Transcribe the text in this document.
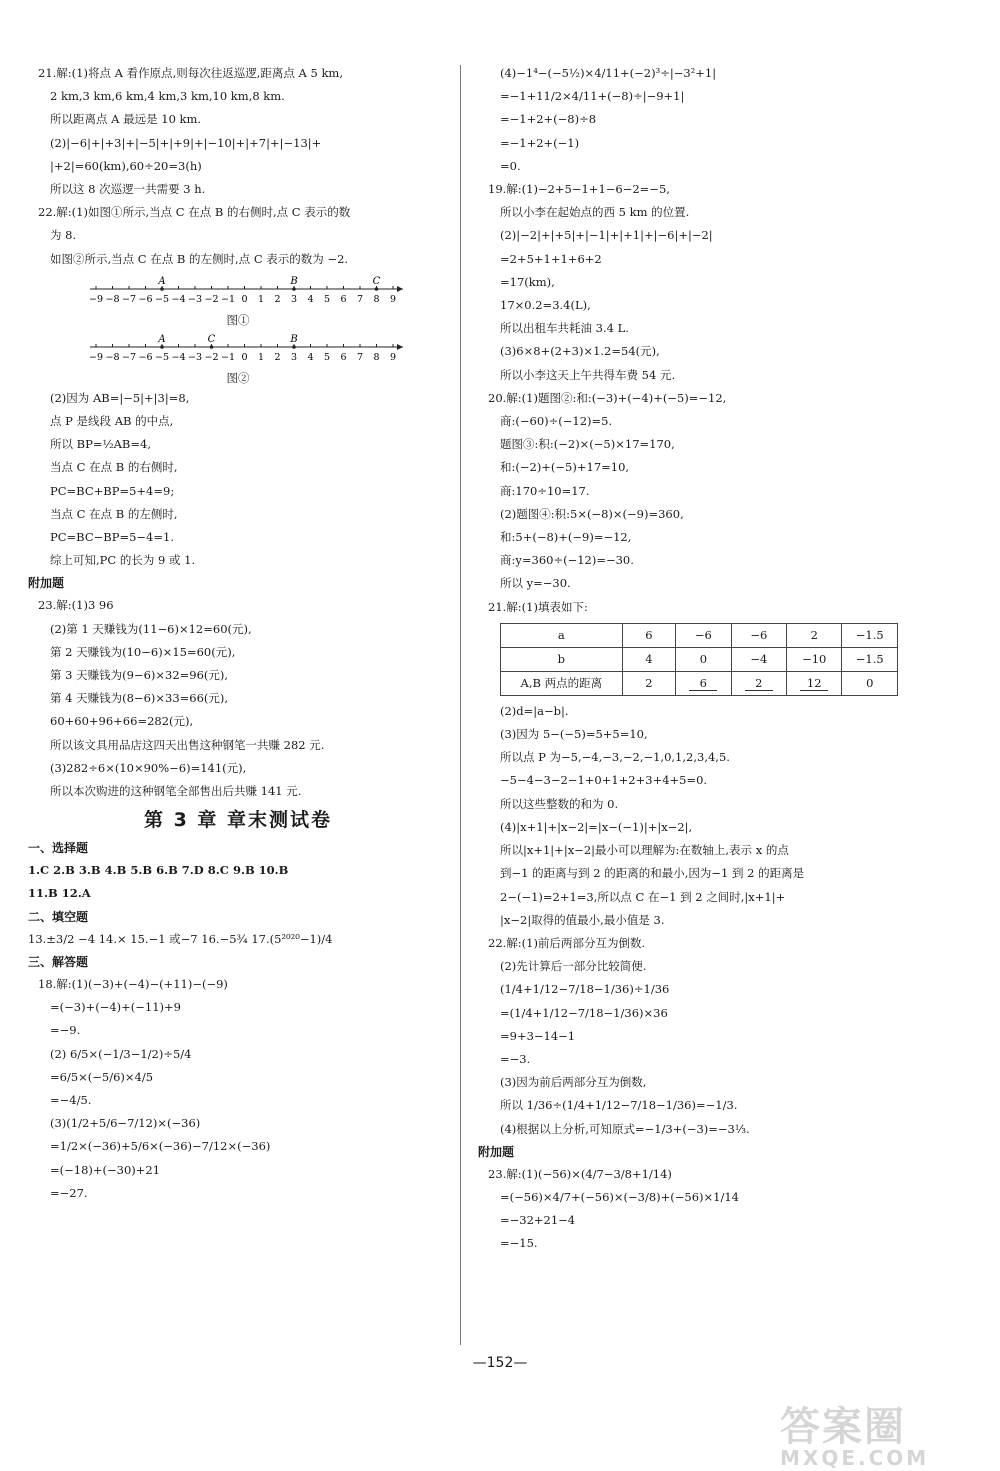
21.解:(1)将点 A 看作原点,则每次往返巡逻,距离点 A 5 km,
2 km,3 km,6 km,4 km,3 km,10 km,8 km.
所以距离点 A 最远是 10 km.
(2)|−6|+|+3|+|−5|+|+9|+|−10|+|+7|+|−13|+
|+2|=60(km),60÷20=3(h)
所以这 8 次巡逻一共需要 3 h.
22.解:(1)如图①所示,当点 C 在点 B 的右侧时,点 C 表示的数
为 8.
如图②所示,当点 C 在点 B 的左侧时,点 C 表示的数为 −2.
−9 −8 −7 −6 −5 −4 −3 −2 −1 0 1 2 3 4 5 6 7 8 9
A	B	C
图①
−9 −8 −7 −6 −5 −4 −3 −2 −1 0 1 2 3 4 5 6 7 8 9
A	C	B
图②
(2)因为 AB=|−5|+|3|=8,
点 P 是线段 AB 的中点,
所以 BP=½AB=4,
当点 C 在点 B 的右侧时,
PC=BC+BP=5+4=9;
当点 C 在点 B 的左侧时,
PC=BC−BP=5−4=1.
综上可知,PC 的长为 9 或 1.
附加题
23.解:(1)3 96
(2)第 1 天赚钱为(11−6)×12=60(元),
第 2 天赚钱为(10−6)×15=60(元),
第 3 天赚钱为(9−6)×32=96(元),
第 4 天赚钱为(8−6)×33=66(元),
60+60+96+66=282(元),
所以该文具用品店这四天出售这种钢笔一共赚 282 元.
(3)282÷6×(10×90%−6)=141(元),
所以本次购进的这种钢笔全部售出后共赚 141 元.
第 3 章 章末测试卷
一、选择题
1.C 2.B 3.B 4.B 5.B 6.B 7.D 8.C 9.B 10.B
11.B 12.A
二、填空题
13.±3/2 −4 14.× 15.−1 或−7 16.−5¾ 17.(5²⁰²⁰−1)/4
三、解答题
18.解:(1)(−3)+(−4)−(+11)−(−9)
=(−3)+(−4)+(−11)+9
=−9.
(2) 6/5×(−1/3−1/2)÷5/4
=6/5×(−5/6)×4/5
=−4/5.
(3)(1/2+5/6−7/12)×(−36)
=1/2×(−36)+5/6×(−36)−7/12×(−36)
=(−18)+(−30)+21
=−27.
(4)−1⁴−(−5½)×4/11+(−2)³÷|−3²+1|
=−1+11/2×4/11+(−8)÷|−9+1|
=−1+2+(−8)÷8
=−1+2+(−1)
=0.
19.解:(1)−2+5−1+1−6−2=−5,
所以小李在起始点的西 5 km 的位置.
(2)|−2|+|+5|+|−1|+|+1|+|−6|+|−2|
=2+5+1+1+6+2
=17(km),
17×0.2=3.4(L),
所以出租车共耗油 3.4 L.
(3)6×8+(2+3)×1.2=54(元),
所以小李这天上午共得车费 54 元.
20.解:(1)题图②:和:(−3)+(−4)+(−5)=−12,
商:(−60)÷(−12)=5.
题图③:积:(−2)×(−5)×17=170,
和:(−2)+(−5)+17=10,
商:170÷10=17.
(2)题图④:积:5×(−8)×(−9)=360,
和:5+(−8)+(−9)=−12,
商:y=360÷(−12)=−30.
所以 y=−30.
21.解:(1)填表如下:
a	6	−6	−6	2	−1.5
b	4	0	−4	−10	−1.5
A,B 两点的距离	2	6	2	12	0
(2)d=|a−b|.
(3)因为 5−(−5)=5+5=10,
所以点 P 为−5,−4,−3,−2,−1,0,1,2,3,4,5.
−5−4−3−2−1+0+1+2+3+4+5=0.
所以这些整数的和为 0.
(4)|x+1|+|x−2|=|x−(−1)|+|x−2|,
所以|x+1|+|x−2|最小可以理解为:在数轴上,表示 x 的点
到−1 的距离与到 2 的距离的和最小,因为−1 到 2 的距离是
2−(−1)=2+1=3,所以点 C 在−1 到 2 之间时,|x+1|+
|x−2|取得的值最小,最小值是 3.
22.解:(1)前后两部分互为倒数.
(2)先计算后一部分比较简便.
(1/4+1/12−7/18−1/36)÷1/36
=(1/4+1/12−7/18−1/36)×36
=9+3−14−1
=−3.
(3)因为前后两部分互为倒数,
所以 1/36÷(1/4+1/12−7/18−1/36)=−1/3.
(4)根据以上分析,可知原式=−1/3+(−3)=−3⅓.
附加题
23.解:(1)(−56)×(4/7−3/8+1/14)
=(−56)×4/7+(−56)×(−3/8)+(−56)×1/14
=−32+21−4
=−15.
—152—
答案圈
MXQE.COM
